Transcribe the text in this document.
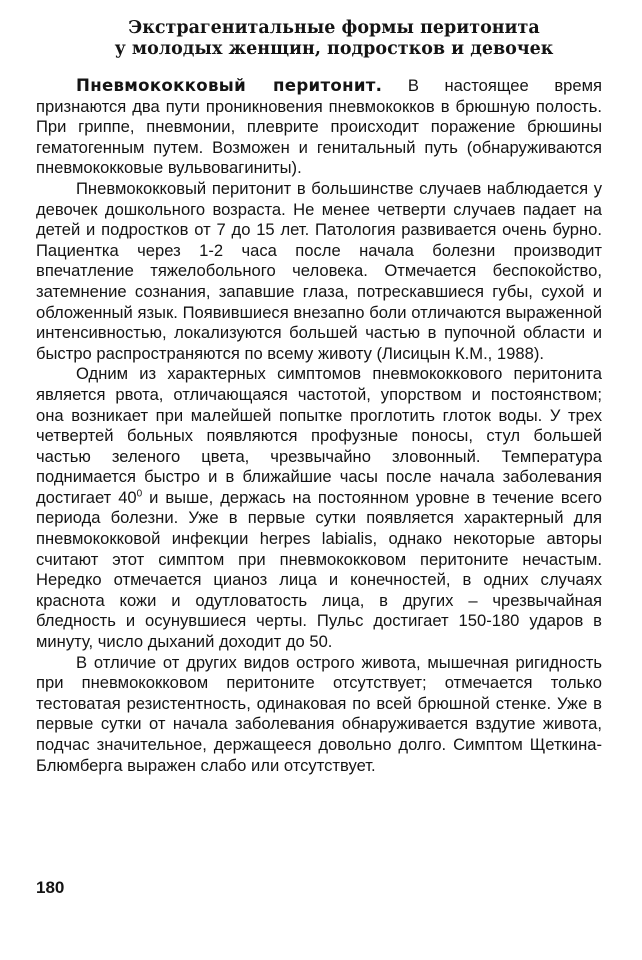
Экстрагенитальные формы перитонита
у молодых женщин, подростков и девочек

Пневмококковый перитонит. В настоящее время признаются два пути проникновения пневмококков в брюшную полость. При гриппе, пневмонии, плеврите происходит поражение брюшины гематогенным путем. Возможен и генитальный путь (обнаруживаются пневмококковые вульвовагиниты).

Пневмококковый перитонит в большинстве случаев наблюдается у девочек дошкольного возраста. Не менее четверти случаев падает на детей и подростков от 7 до 15 лет. Патология развивается очень бурно. Пациентка через 1-2 часа после начала болезни производит впечатление тяжелобольного человека. Отмечается беспокойство, затемнение сознания, запавшие глаза, потрескавшиеся губы, сухой и обложенный язык. Появившиеся внезапно боли отличаются выраженной интенсивностью, локализуются большей частью в пупочной области и быстро распространяются по всему животу (Лисицын К.М., 1988).

Одним из характерных симптомов пневмококкового перитонита является рвота, отличающаяся частотой, упорством и постоянством; она возникает при малейшей попытке проглотить глоток воды. У трех четвертей больных появляются профузные поносы, стул большей частью зеленого цвета, чрезвычайно зловонный. Температура поднимается быстро и в ближайшие часы после начала заболевания достигает $40^0$ и выше, держась на постоянном уровне в течение всего периода болезни. Уже в первые сутки появляется характерный для пневмококковой инфекции herpes labialis, однако некоторые авторы считают этот симптом при пневмококковом перитоните нечастым. Нередко отмечается цианоз лица и конечностей, в одних случаях краснота кожи и одутловатость лица, в других – чрезвычайная бледность и осунувшиеся черты. Пульс достигает 150-180 ударов в минуту, число дыханий доходит до 50.

В отличие от других видов острого живота, мышечная ригидность при пневмококковом перитоните отсутствует; отмечается только тестоватая резистентность, одинаковая по всей брюшной стенке. Уже в первые сутки от начала заболевания обнаруживается вздутие живота, подчас значительное, держащееся довольно долго. Симптом Щеткина-Блюмберга выражен слабо или отсутствует.

180
